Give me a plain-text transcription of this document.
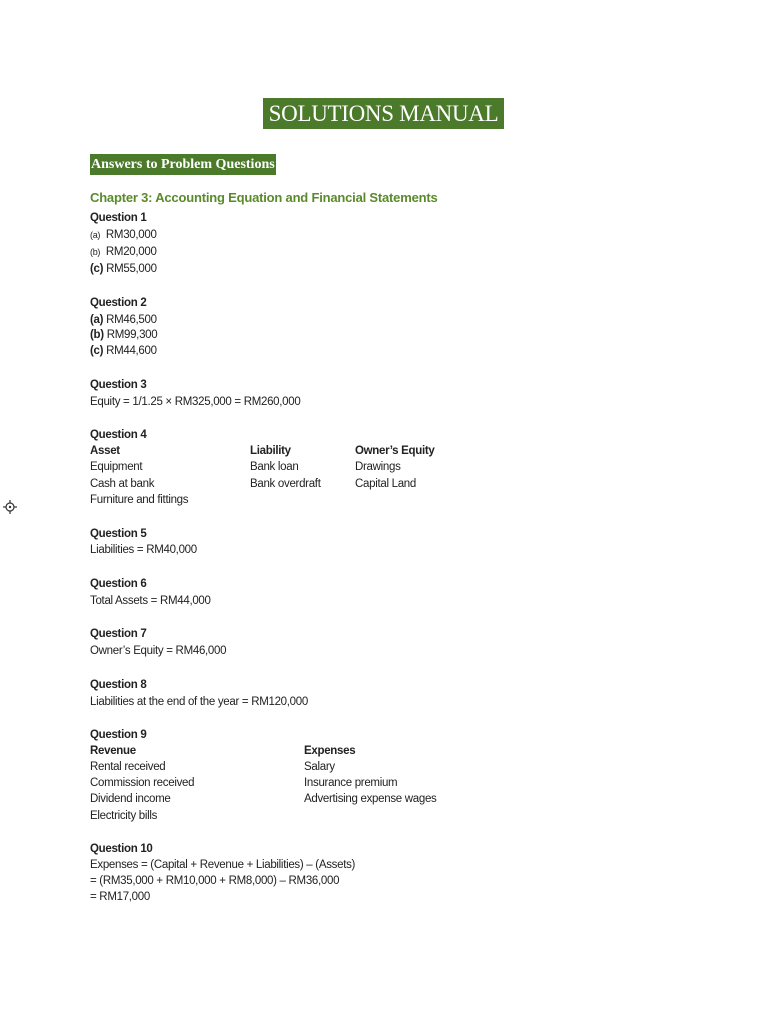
SOLUTIONS MANUAL
Answers to Problem Questions
Chapter 3: Accounting Equation and Financial Statements
Question 1
(a) RM30,000
(b) RM20,000
(c) RM55,000
Question 2
(a) RM46,500
(b) RM99,300
(c) RM44,600
Question 3
Equity = 1/1.25 × RM325,000 = RM260,000
Question 4
Asset	Liability	Owner’s Equity
Equipment	Bank loan	Drawings
Cash at bank	Bank overdraft	Capital Land
Furniture and fittings
Question 5
Liabilities = RM40,000
Question 6
Total Assets = RM44,000
Question 7
Owner’s Equity = RM46,000
Question 8
Liabilities at the end of the year = RM120,000
Question 9
Revenue	Expenses
Rental received	Salary
Commission received	Insurance premium
Dividend income	Advertising expense wages
Electricity bills
Question 10
Expenses = (Capital + Revenue + Liabilities) – (Assets)
= (RM35,000 + RM10,000 + RM8,000) – RM36,000
= RM17,000
